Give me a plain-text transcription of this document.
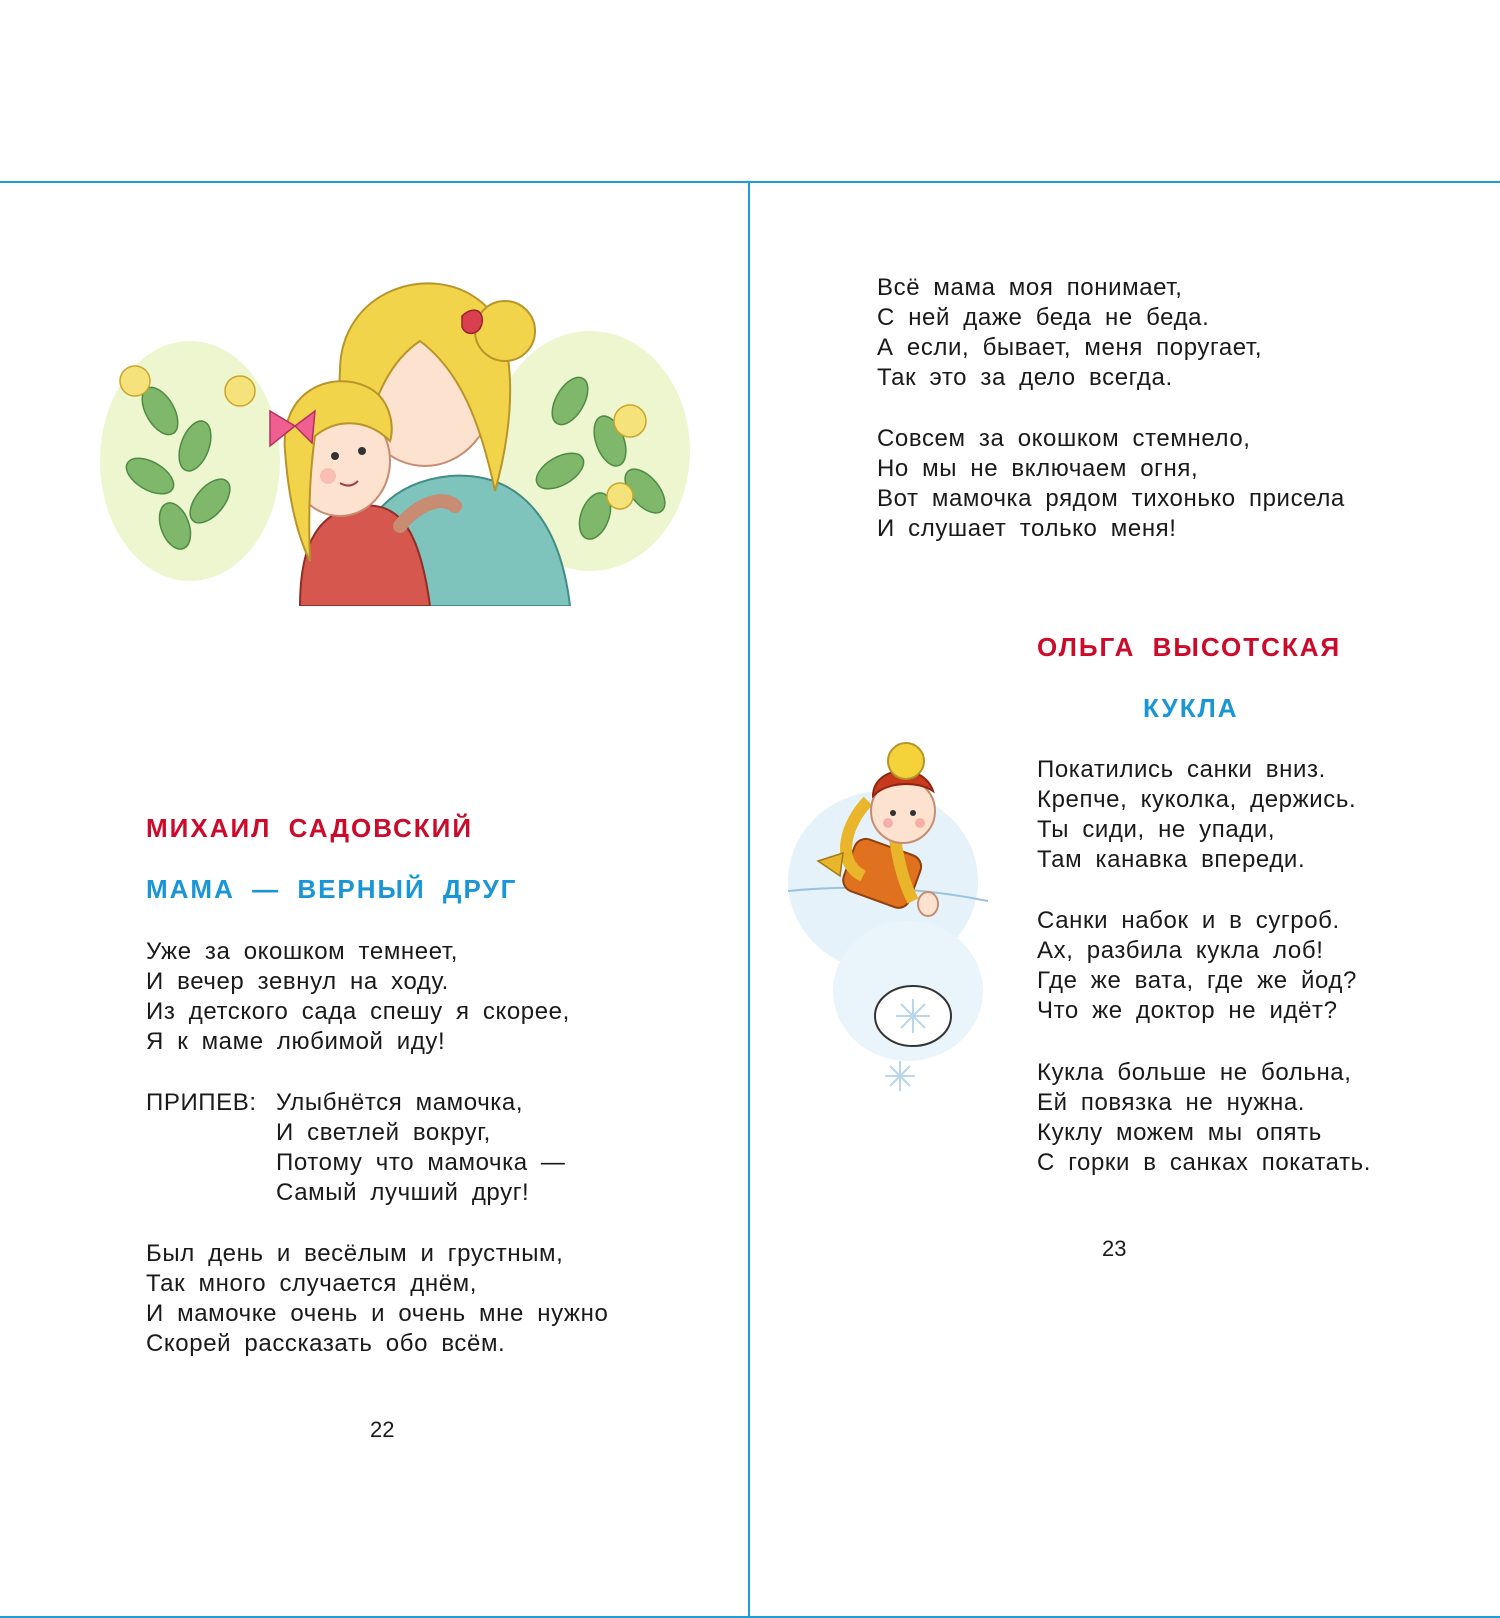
МИХАИЛ САДОВСКИЙ
МАМА — ВЕРНЫЙ ДРУГ

Уже за окошком темнеет,

И вечер зевнул на ходу.

Из детского сада спешу я скорее,

Я к маме любимой иду!

ПРИПЕВ: Улыбнётся мамочка,

И светлей вокруг,

Потому что мамочка —

Самый лучший друг!

Был день и весёлым и грустным,

Так много случается днём,

И мамочке очень и очень мне нужно

Скорей рассказать обо всём.

22

Всё мама моя понимает,

С ней даже беда не беда.

А если, бывает, меня поругает,

Так это за дело всегда.

Совсем за окошком стемнело,

Но мы не включаем огня,

Вот мамочка рядом тихонько присела

И слушает только меня!

ОЛЬГА ВЫСОТСКАЯ
КУКЛА

Покатились санки вниз.

Крепче, куколка, держись.

Ты сиди, не упади,

Там канавка впереди.

Санки набок и в сугроб.

Ах, разбила кукла лоб!

Где же вата, где же йод?

Что же доктор не идёт?

Кукла больше не больна,

Ей повязка не нужна.

Куклу можем мы опять

С горки в санках покатать.

23
